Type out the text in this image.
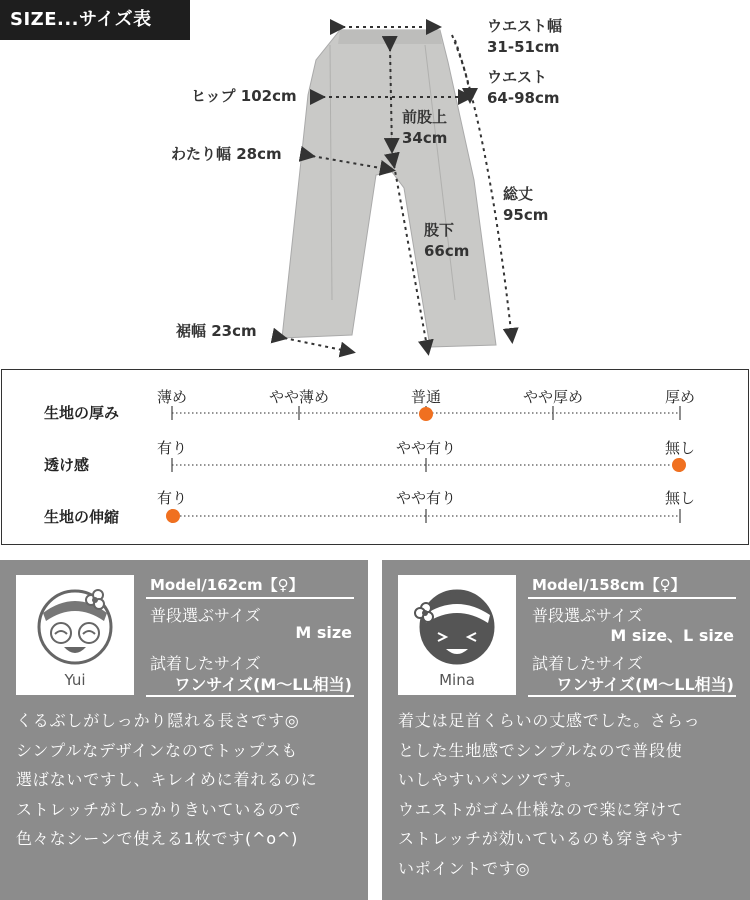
SIZE...サイズ表	ウエスト幅
31-51cm
ウエスト
64-98cm
ヒップ 102cm
前股上
34cm
わたり幅 28cm
総丈
95cm
股下
66cm
裾幅 23cm
生地の厚み
透け感
生地の伸縮
薄め	やや薄め	普通	やや厚め	厚め
有り	やや有り	無し
有り	やや有り	無し
Yui
Model/162cm【♀】
普段選ぶサイズ
M size
試着したサイズ
ワンサイズ(M〜LL相当)
くるぶしがしっかり隠れる長さです◎
シンプルなデザインなのでトップスも
選ばないですし、キレイめに着れるのに
ストレッチがしっかりきいているので
色々なシーンで使える1枚です(^o^)
Mina
Model/158cm【♀】
普段選ぶサイズ
M size、L size
試着したサイズ
ワンサイズ(M〜LL相当)
着丈は足首くらいの丈感でした。さらっ
とした生地感でシンプルなので普段使
いしやすいパンツです。
ウエストがゴム仕様なので楽に穿けて
ストレッチが効いているのも穿きやす
いポイントです◎
